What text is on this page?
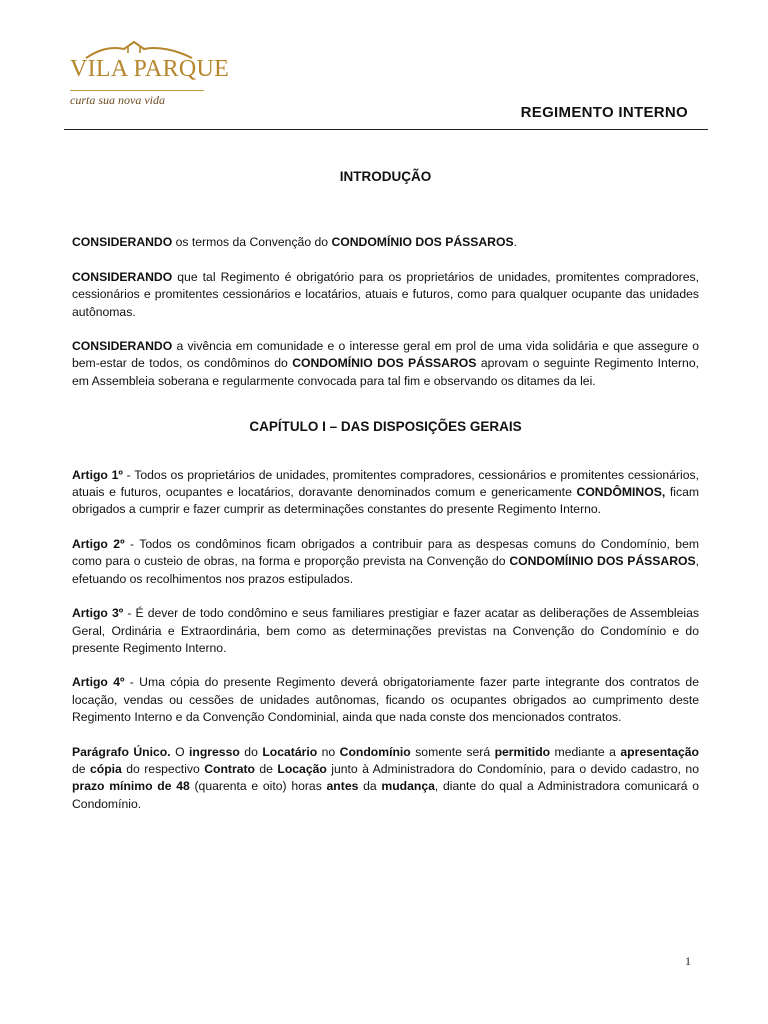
VILA PARQUE
curta sua nova vida
REGIMENTO INTERNO
INTRODUÇÃO

CONSIDERANDO os termos da Convenção do CONDOMÍNIO DOS PÁSSAROS.

CONSIDERANDO que tal Regimento é obrigatório para os proprietários de unidades, promitentes compradores, cessionários e promitentes cessionários e locatários, atuais e futuros, como para qualquer ocupante das unidades autônomas.

CONSIDERANDO a vivência em comunidade e o interesse geral em prol de uma vida solidária e que assegure o bem-estar de todos, os condôminos do CONDOMÍNIO DOS PÁSSAROS aprovam o seguinte Regimento Interno, em Assembleia soberana e regularmente convocada para tal fim e observando os ditames da lei.

CAPÍTULO I – DAS DISPOSIÇÕES GERAIS

Artigo 1º - Todos os proprietários de unidades, promitentes compradores, cessionários e promitentes cessionários, atuais e futuros, ocupantes e locatários, doravante denominados comum e genericamente CONDÔMINOS, ficam obrigados a cumprir e fazer cumprir as determinações constantes do presente Regimento Interno.

Artigo 2º - Todos os condôminos ficam obrigados a contribuir para as despesas comuns do Condomínio, bem como para o custeio de obras, na forma e proporção prevista na Convenção do CONDOMÍINIO DOS PÁSSAROS, efetuando os recolhimentos nos prazos estipulados.

Artigo 3º - É dever de todo condômino e seus familiares prestigiar e fazer acatar as deliberações de Assembleias Geral, Ordinária e Extraordinária, bem como as determinações previstas na Convenção do Condomínio e do presente Regimento Interno.

Artigo 4º - Uma cópia do presente Regimento deverá obrigatoriamente fazer parte integrante dos contratos de locação, vendas ou cessões de unidades autônomas, ficando os ocupantes obrigados ao cumprimento deste Regimento Interno e da Convenção Condominial, ainda que nada conste dos mencionados contratos.

Parágrafo Único. O ingresso do Locatário no Condomínio somente será permitido mediante a apresentação de cópia do respectivo Contrato de Locação junto à Administradora do Condomínio, para o devido cadastro, no prazo mínimo de 48 (quarenta e oito) horas antes da mudança, diante do qual a Administradora comunicará o Condomínio.

1
